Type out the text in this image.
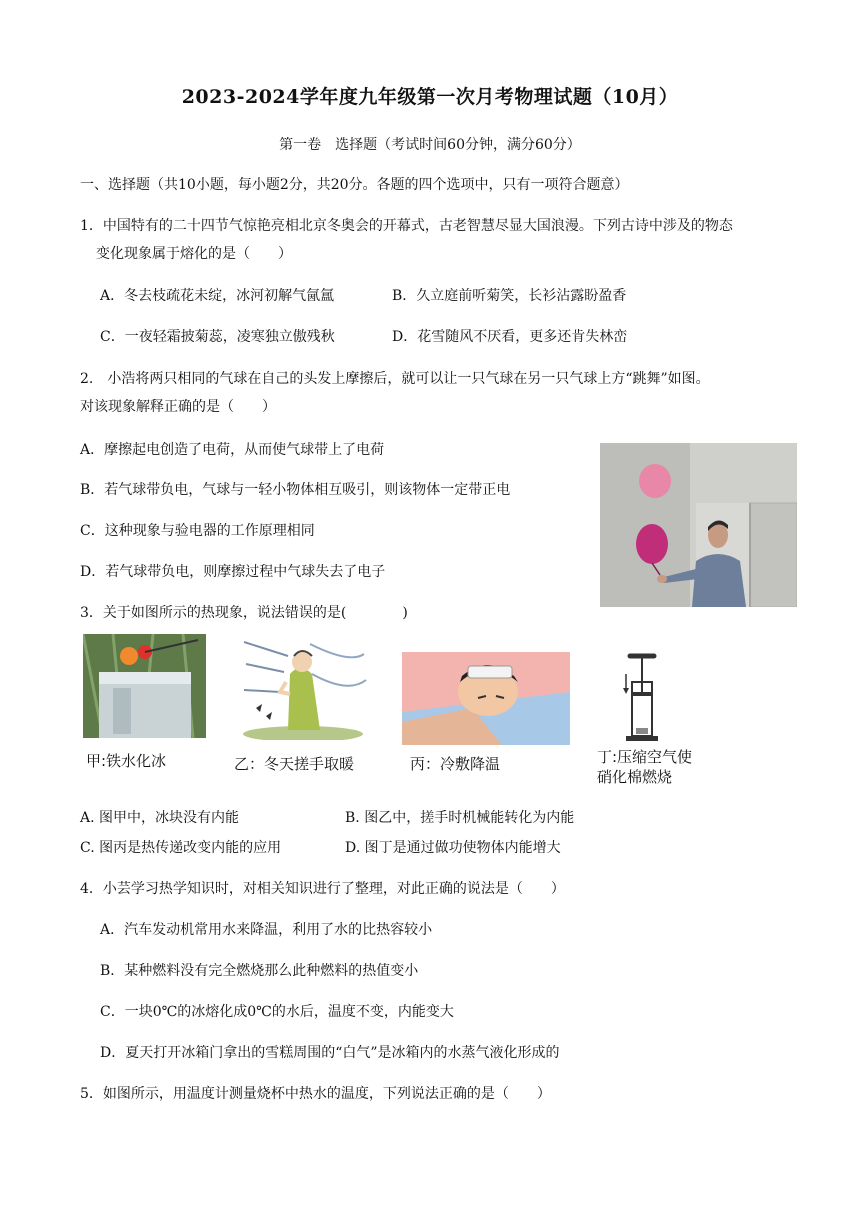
2023-2024学年度九年级第一次月考物理试题（10月）
第一卷　选择题（考试时间60分钟，满分60分）
一、选择题（共10小题，每小题2分，共20分。各题的四个选项中，只有一项符合题意）
1．中国特有的二十四节气惊艳亮相北京冬奥会的开幕式，古老智慧尽显大国浪漫。下列古诗中涉及的物态
变化现象属于熔化的是（　　）
A．冬去枝疏花未绽，冰河初解气氤氲	B．久立庭前听菊笑，长衫沾露盼盈香
C．一夜轻霜披菊蕊，凌寒独立傲残秋	D．花雪随风不厌看，更多还肯失林峦
2.　小浩将两只相同的气球在自己的头发上摩擦后，就可以让一只气球在另一只气球上方“跳舞”如图。
对该现象解释正确的是（　　）
A．摩擦起电创造了电荷，从而使气球带上了电荷
B．若气球带负电，气球与一轻小物体相互吸引，则该物体一定带正电
C．这种现象与验电器的工作原理相同
D．若气球带负电，则摩擦过程中气球失去了电子
3．关于如图所示的热现象，说法错误的是(　　　　)
甲:铁水化冰	乙：冬天搓手取暖	丙：冷敷降温	丁:压缩空气使
硝化棉燃烧
A. 图甲中，冰块没有内能	B. 图乙中，搓手时机械能转化为内能
C. 图丙是热传递改变内能的应用	D. 图丁是通过做功使物体内能增大
4．小芸学习热学知识时，对相关知识进行了整理，对此正确的说法是（　　）
A．汽车发动机常用水来降温，利用了水的比热容较小
B．某种燃料没有完全燃烧那么此种燃料的热值变小
C．一块0℃的冰熔化成0℃的水后，温度不变，内能变大
D．夏天打开冰箱门拿出的雪糕周围的“白气”是冰箱内的水蒸气液化形成的
5．如图所示，用温度计测量烧杯中热水的温度，下列说法正确的是（　　）
